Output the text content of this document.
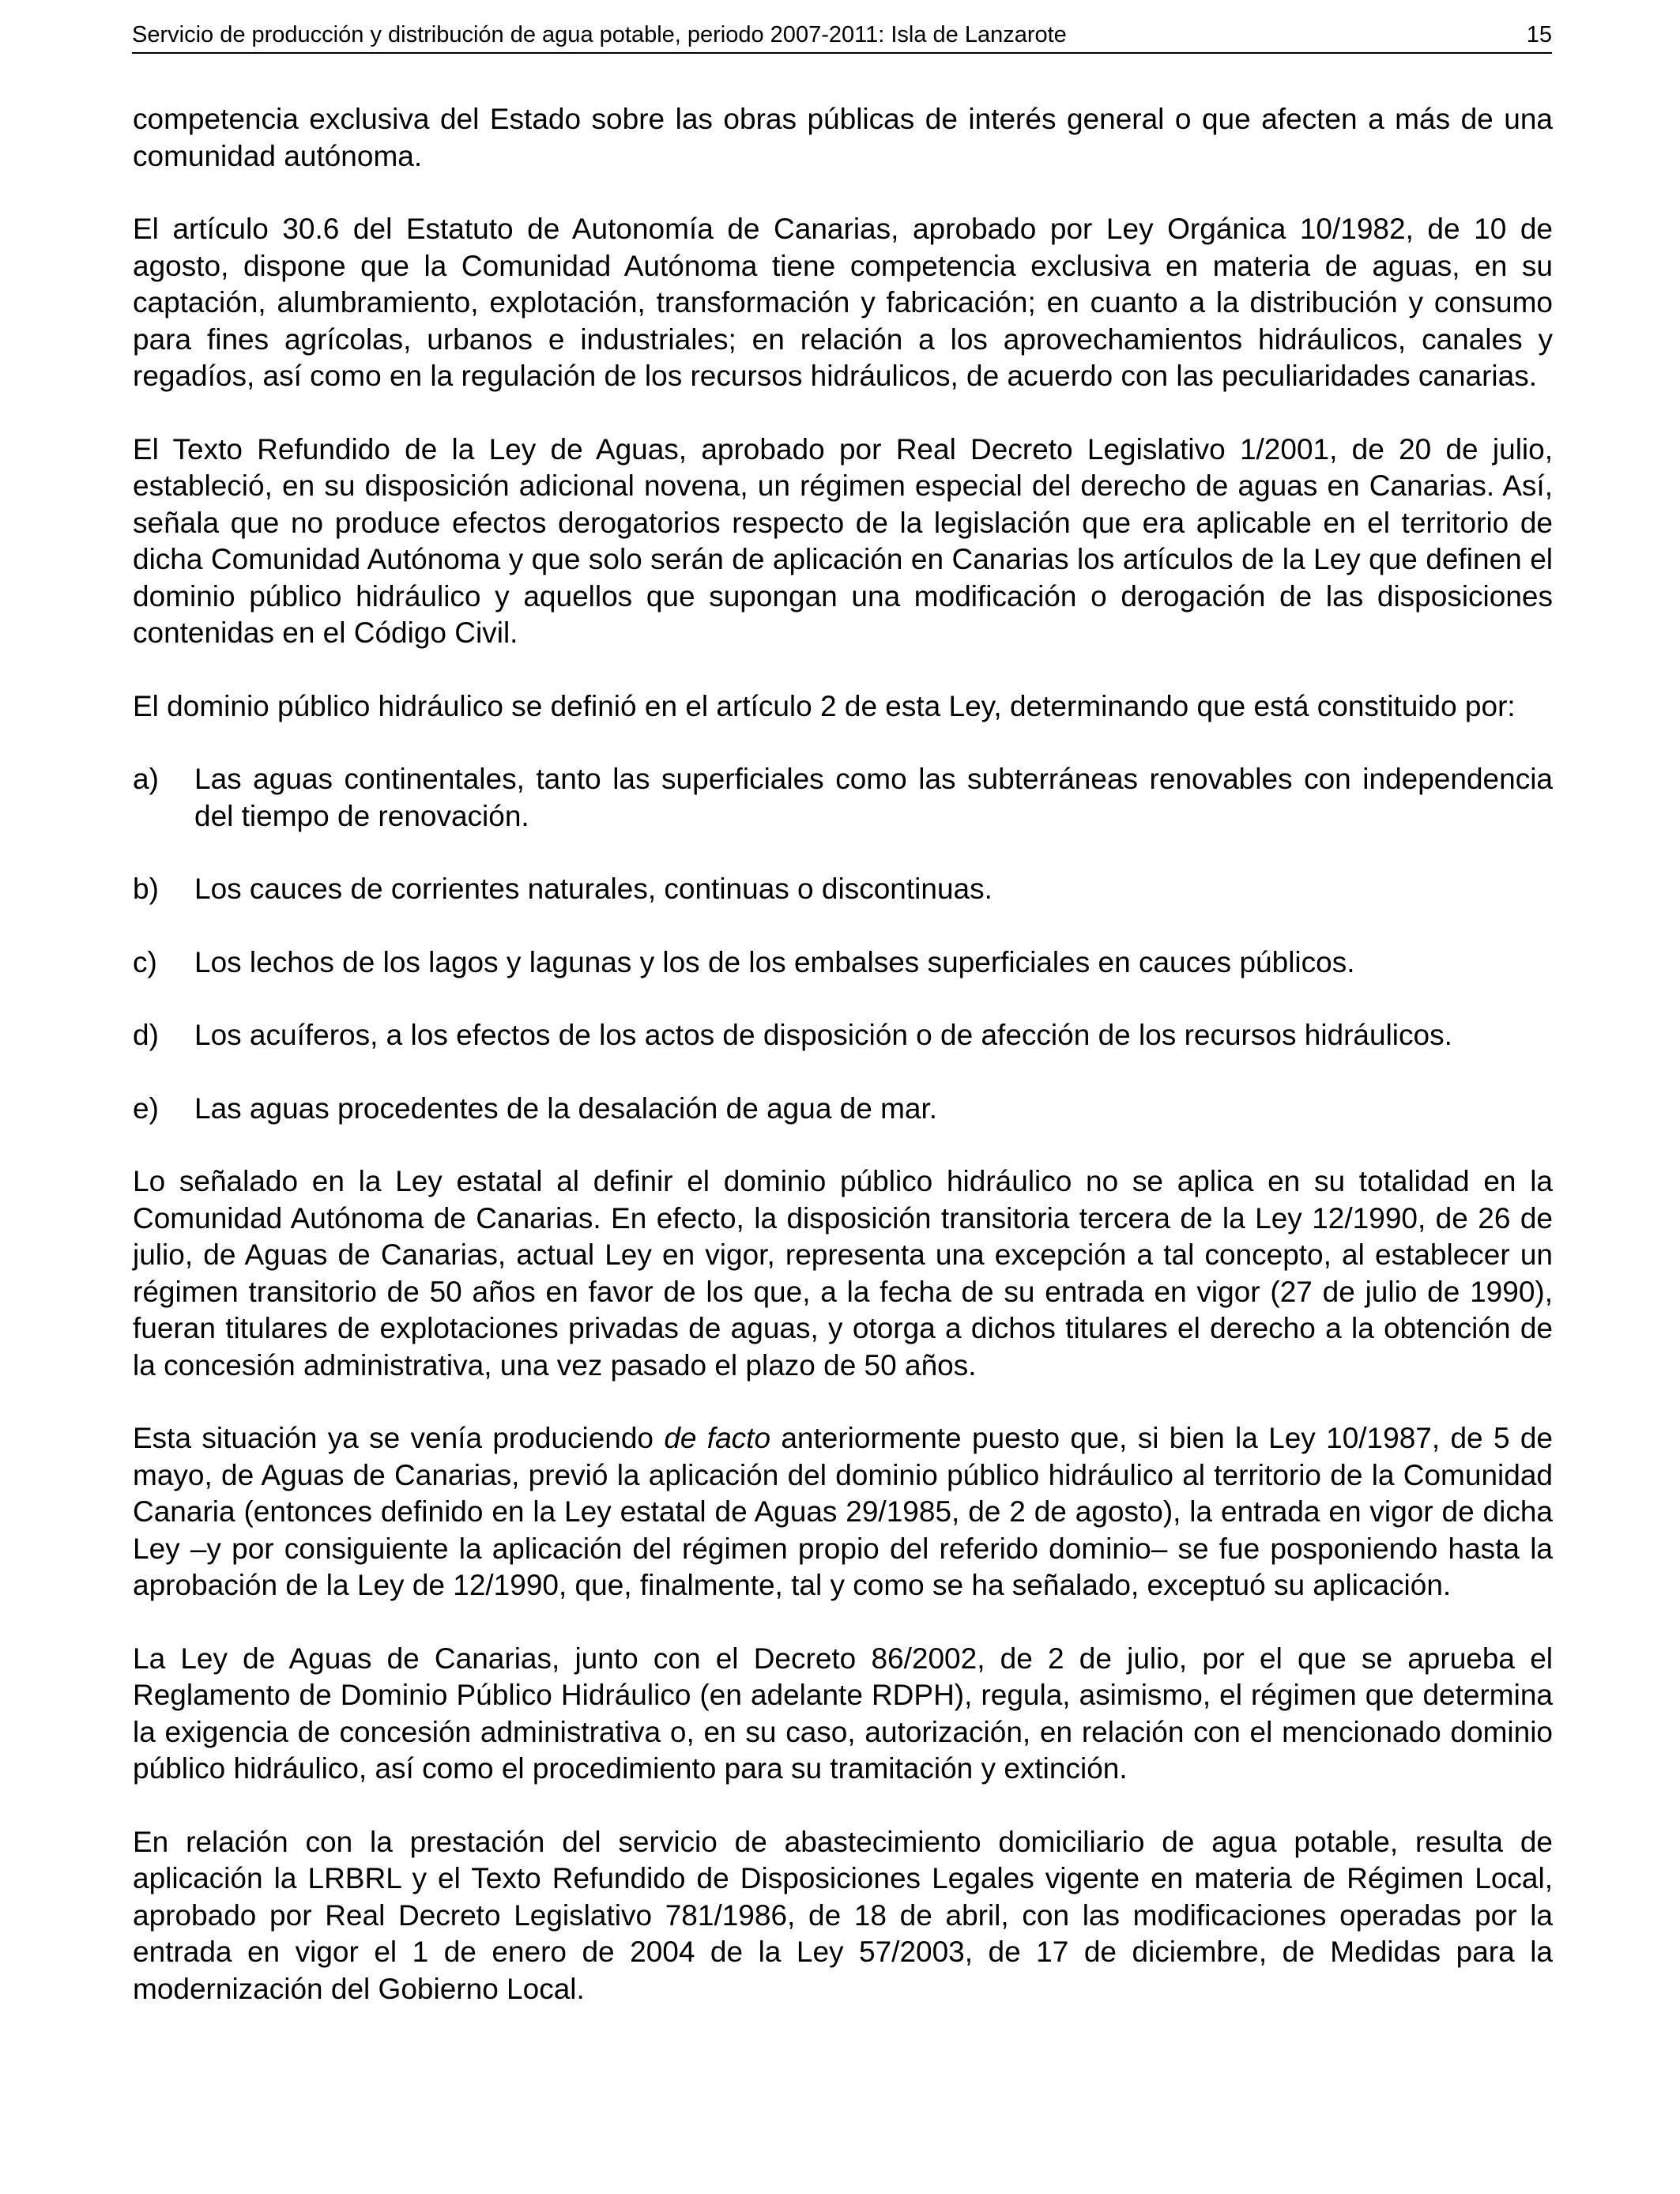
Servicio de producción y distribución de agua potable, periodo 2007-2011: Isla de Lanzarote	15

competencia exclusiva del Estado sobre las obras públicas de interés general o que afecten a más de una comunidad autónoma.

El artículo 30.6 del Estatuto de Autonomía de Canarias, aprobado por Ley Orgánica 10/1982, de 10 de agosto, dispone que la Comunidad Autónoma tiene competencia exclusiva en materia de aguas, en su captación, alumbramiento, explotación, transformación y fabricación; en cuanto a la distribución y consumo para fines agrícolas, urbanos e industriales; en relación a los aprovechamientos hidráulicos, canales y regadíos, así como en la regulación de los recursos hidráulicos, de acuerdo con las peculiaridades canarias.

El Texto Refundido de la Ley de Aguas, aprobado por Real Decreto Legislativo 1/2001, de 20 de julio, estableció, en su disposición adicional novena, un régimen especial del derecho de aguas en Canarias. Así, señala que no produce efectos derogatorios respecto de la legislación que era aplicable en el territorio de dicha Comunidad Autónoma y que solo serán de aplicación en Canarias los artículos de la Ley que definen el dominio público hidráulico y aquellos que supongan una modificación o derogación de las disposiciones contenidas en el Código Civil.

El dominio público hidráulico se definió en el artículo 2 de esta Ley, determinando que está constituido por:

a) Las aguas continentales, tanto las superficiales como las subterráneas renovables con independencia del tiempo de renovación.
b) Los cauces de corrientes naturales, continuas o discontinuas.
c) Los lechos de los lagos y lagunas y los de los embalses superficiales en cauces públicos.
d) Los acuíferos, a los efectos de los actos de disposición o de afección de los recursos hidráulicos.
e) Las aguas procedentes de la desalación de agua de mar.

Lo señalado en la Ley estatal al definir el dominio público hidráulico no se aplica en su totalidad en la Comunidad Autónoma de Canarias. En efecto, la disposición transitoria tercera de la Ley 12/1990, de 26 de julio, de Aguas de Canarias, actual Ley en vigor, representa una excepción a tal concepto, al establecer un régimen transitorio de 50 años en favor de los que, a la fecha de su entrada en vigor (27 de julio de 1990), fueran titulares de explotaciones privadas de aguas, y otorga a dichos titulares el derecho a la obtención de la concesión administrativa, una vez pasado el plazo de 50 años.

Esta situación ya se venía produciendo de facto anteriormente puesto que, si bien la Ley 10/1987, de 5 de mayo, de Aguas de Canarias, previó la aplicación del dominio público hidráulico al territorio de la Comunidad Canaria (entonces definido en la Ley estatal de Aguas 29/1985, de 2 de agosto), la entrada en vigor de dicha Ley –y por consiguiente la aplicación del régimen propio del referido dominio– se fue posponiendo hasta la aprobación de la Ley de 12/1990, que, finalmente, tal y como se ha señalado, exceptuó su aplicación.

La Ley de Aguas de Canarias, junto con el Decreto 86/2002, de 2 de julio, por el que se aprueba el Reglamento de Dominio Público Hidráulico (en adelante RDPH), regula, asimismo, el régimen que determina la exigencia de concesión administrativa o, en su caso, autorización, en relación con el mencionado dominio público hidráulico, así como el procedimiento para su tramitación y extinción.

En relación con la prestación del servicio de abastecimiento domiciliario de agua potable, resulta de aplicación la LRBRL y el Texto Refundido de Disposiciones Legales vigente en materia de Régimen Local, aprobado por Real Decreto Legislativo 781/1986, de 18 de abril, con las modificaciones operadas por la entrada en vigor el 1 de enero de 2004 de la Ley 57/2003, de 17 de diciembre, de Medidas para la modernización del Gobierno Local.
